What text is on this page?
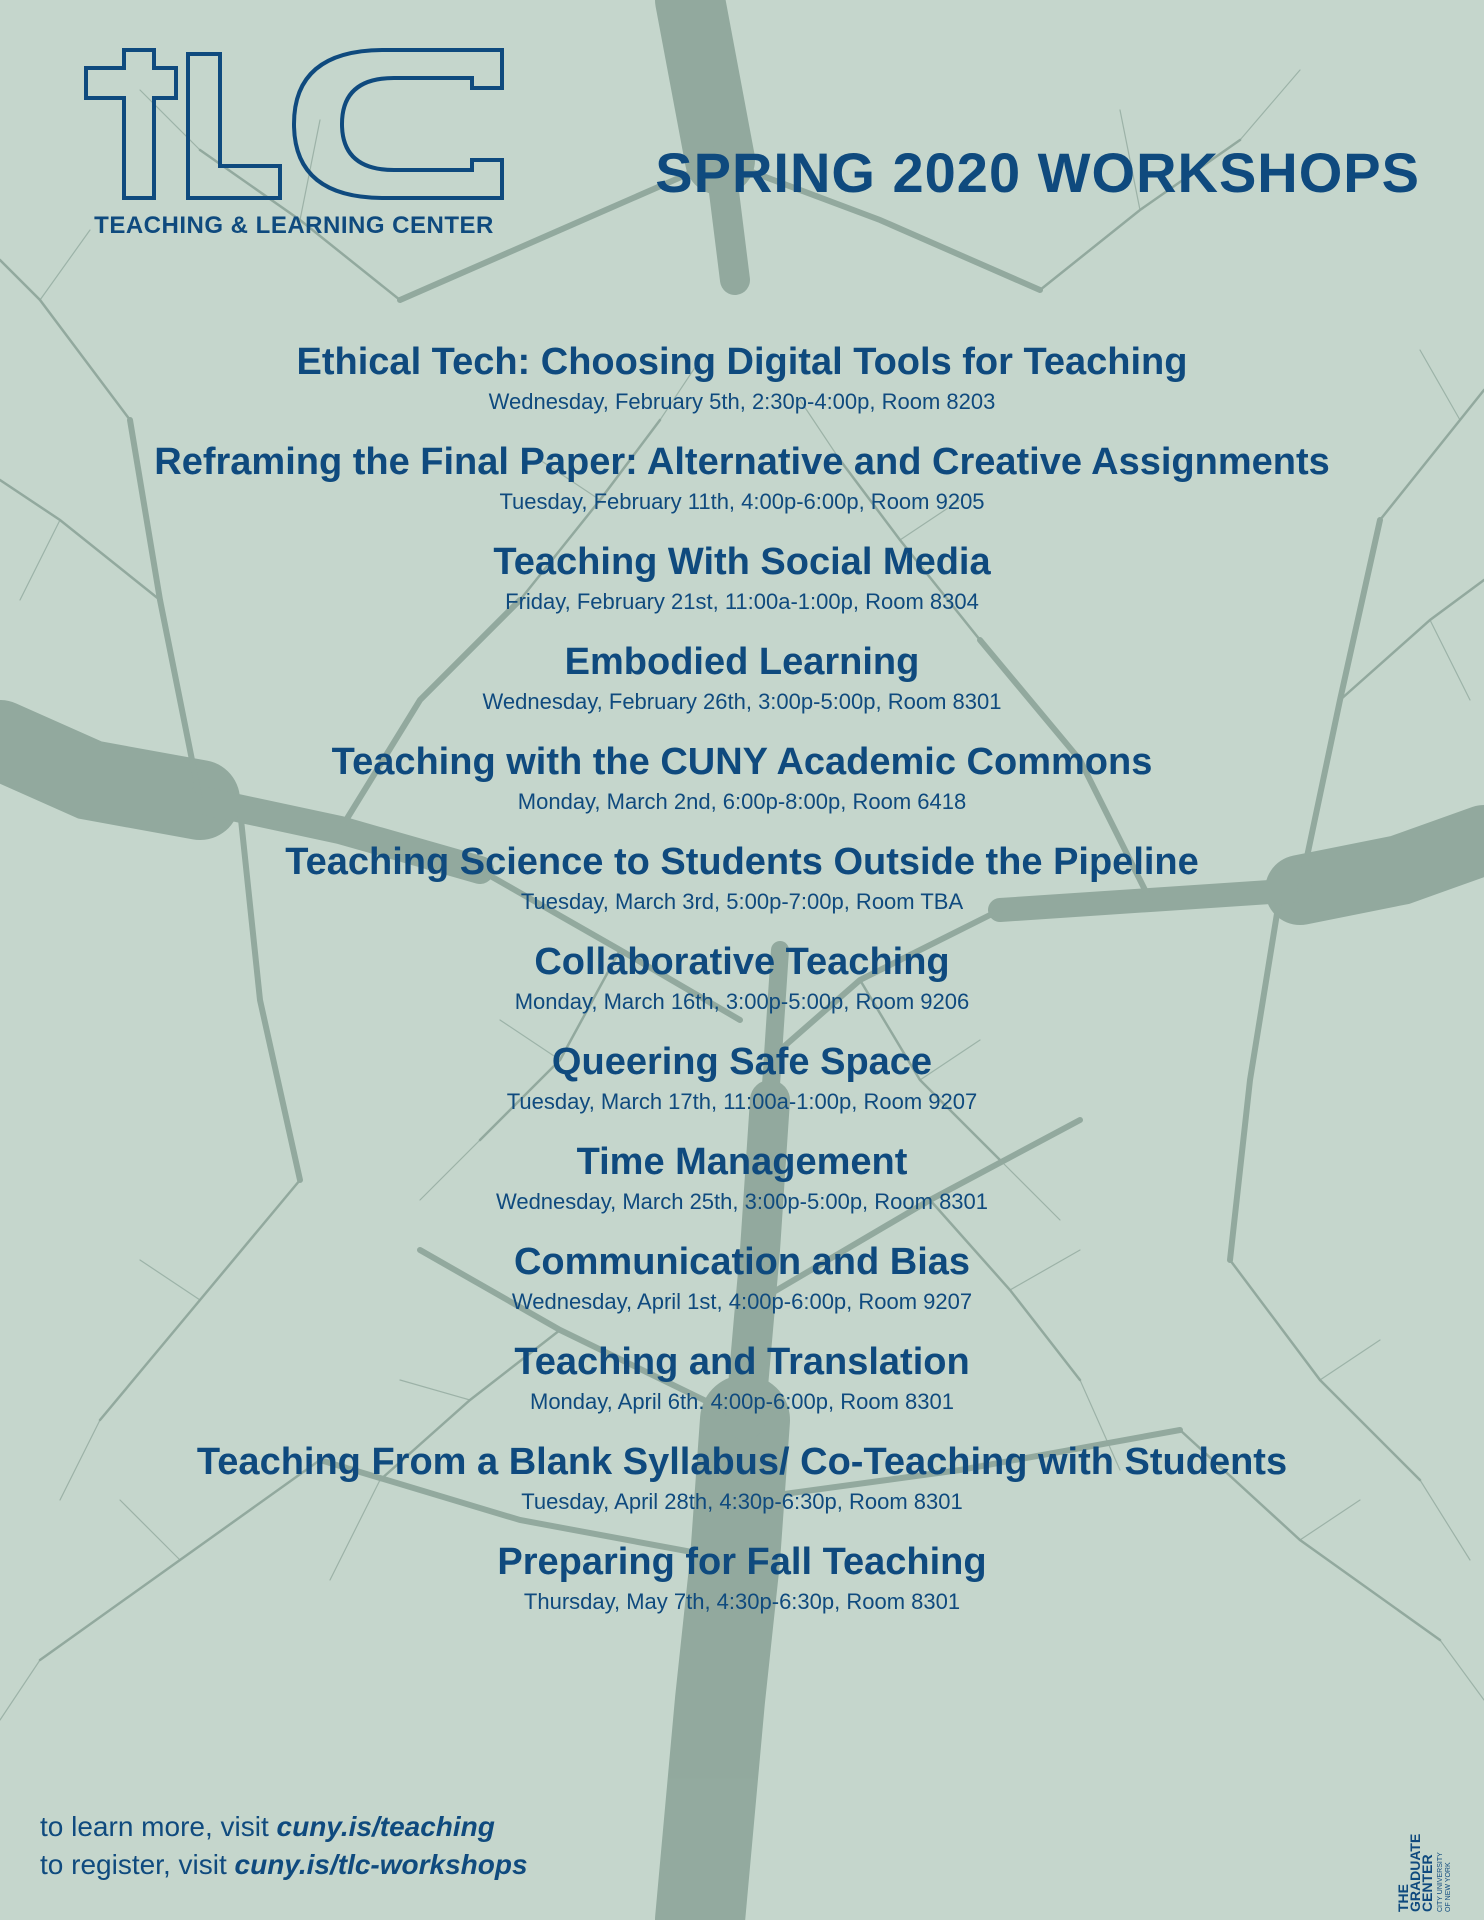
TEACHING & LEARNING CENTER
SPRING 2020 WORKSHOPS
Ethical Tech: Choosing Digital Tools for Teaching
Wednesday, February 5th, 2:30p-4:00p, Room 8203
Reframing the Final Paper: Alternative and Creative Assignments
Tuesday, February 11th, 4:00p-6:00p, Room 9205
Teaching With Social Media
Friday, February 21st, 11:00a-1:00p, Room 8304
Embodied Learning
Wednesday, February 26th, 3:00p-5:00p, Room 8301
Teaching with the CUNY Academic Commons
Monday, March 2nd, 6:00p-8:00p, Room 6418
Teaching Science to Students Outside the Pipeline
Tuesday, March 3rd, 5:00p-7:00p, Room TBA
Collaborative Teaching
Monday, March 16th, 3:00p-5:00p, Room 9206
Queering Safe Space
Tuesday, March 17th, 11:00a-1:00p, Room 9207
Time Management
Wednesday, March 25th, 3:00p-5:00p, Room 8301
Communication and Bias
Wednesday, April 1st, 4:00p-6:00p, Room 9207
Teaching and Translation
Monday, April 6th. 4:00p-6:00p, Room 8301
Teaching From a Blank Syllabus/ Co-Teaching with Students
Tuesday, April 28th, 4:30p-6:30p, Room 8301
Preparing for Fall Teaching
Thursday, May 7th, 4:30p-6:30p, Room 8301
to learn more, visit cuny.is/teaching
to register, visit cuny.is/tlc-workshops
THE
GRADUATE
CENTER CITY UNIVERSITY OF NEW YORK
